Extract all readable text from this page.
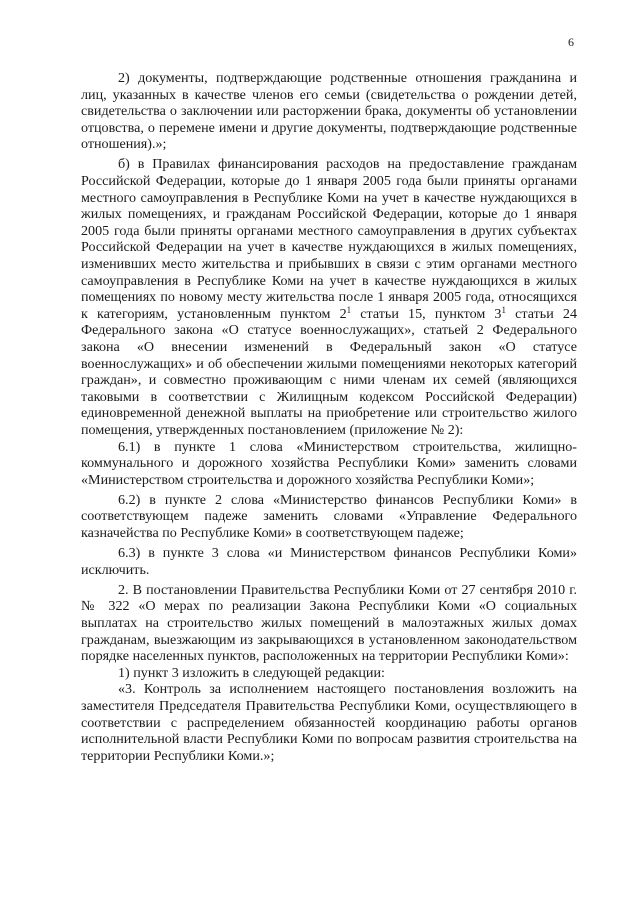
6

2) документы, подтверждающие родственные отношения гражданина и лиц, указанных в качестве членов его семьи (свидетельства о рождении детей, свидетельства о заключении или расторжении брака, документы об установлении отцовства, о перемене имени и другие документы, подтверждающие родственные отношения).»;

б) в Правилах финансирования расходов на предоставление гражданам Российской Федерации, которые до 1 января 2005 года были приняты органами местного самоуправления в Республике Коми на учет в качестве нуждающихся в жилых помещениях, и гражданам Российской Федерации, которые до 1 января 2005 года были приняты органами местного самоуправления в других субъектах Российской Федерации на учет в качестве нуждающихся в жилых помещениях, изменивших место жительства и прибывших в связи с этим органами местного самоуправления в Республике Коми на учет в качестве нуждающихся в жилых помещениях по новому месту жительства после 1 января 2005 года, относящихся к категориям, установленным пунктом $2^1$ статьи 15, пунктом $3^1$ статьи 24 Федерального закона «О статусе военнослужащих», статьей 2 Федерального закона «О внесении изменений в Федеральный закон «О статусе военнослужащих» и об обеспечении жилыми помещениями некоторых категорий граждан», и совместно проживающим с ними членам их семей (являющихся таковыми в соответствии с Жилищным кодексом Российской Федерации) единовременной денежной выплаты на приобретение или строительство жилого помещения, утвержденных постановлением (приложение № 2):

6.1) в пункте 1 слова «Министерством строительства, жилищно-коммунального и дорожного хозяйства Республики Коми» заменить словами «Министерством строительства и дорожного хозяйства Республики Коми»;

6.2) в пункте 2 слова «Министерство финансов Республики Коми» в соответствующем падеже заменить словами «Управление Федерального казначейства по Республике Коми» в соответствующем падеже;

6.3) в пункте 3 слова «и Министерством финансов Республики Коми» исключить.

2. В постановлении Правительства Республики Коми от 27 сентября 2010 г. № 322 «О мерах по реализации Закона Республики Коми «О социальных выплатах на строительство жилых помещений в малоэтажных жилых домах гражданам, выезжающим из закрывающихся в установленном законодательством порядке населенных пунктов, расположенных на территории Республики Коми»:

1) пункт 3 изложить в следующей редакции:

«3. Контроль за исполнением настоящего постановления возложить на заместителя Председателя Правительства Республики Коми, осуществляющего в соответствии с распределением обязанностей координацию работы органов исполнительной власти Республики Коми по вопросам развития строительства на территории Республики Коми.»;
